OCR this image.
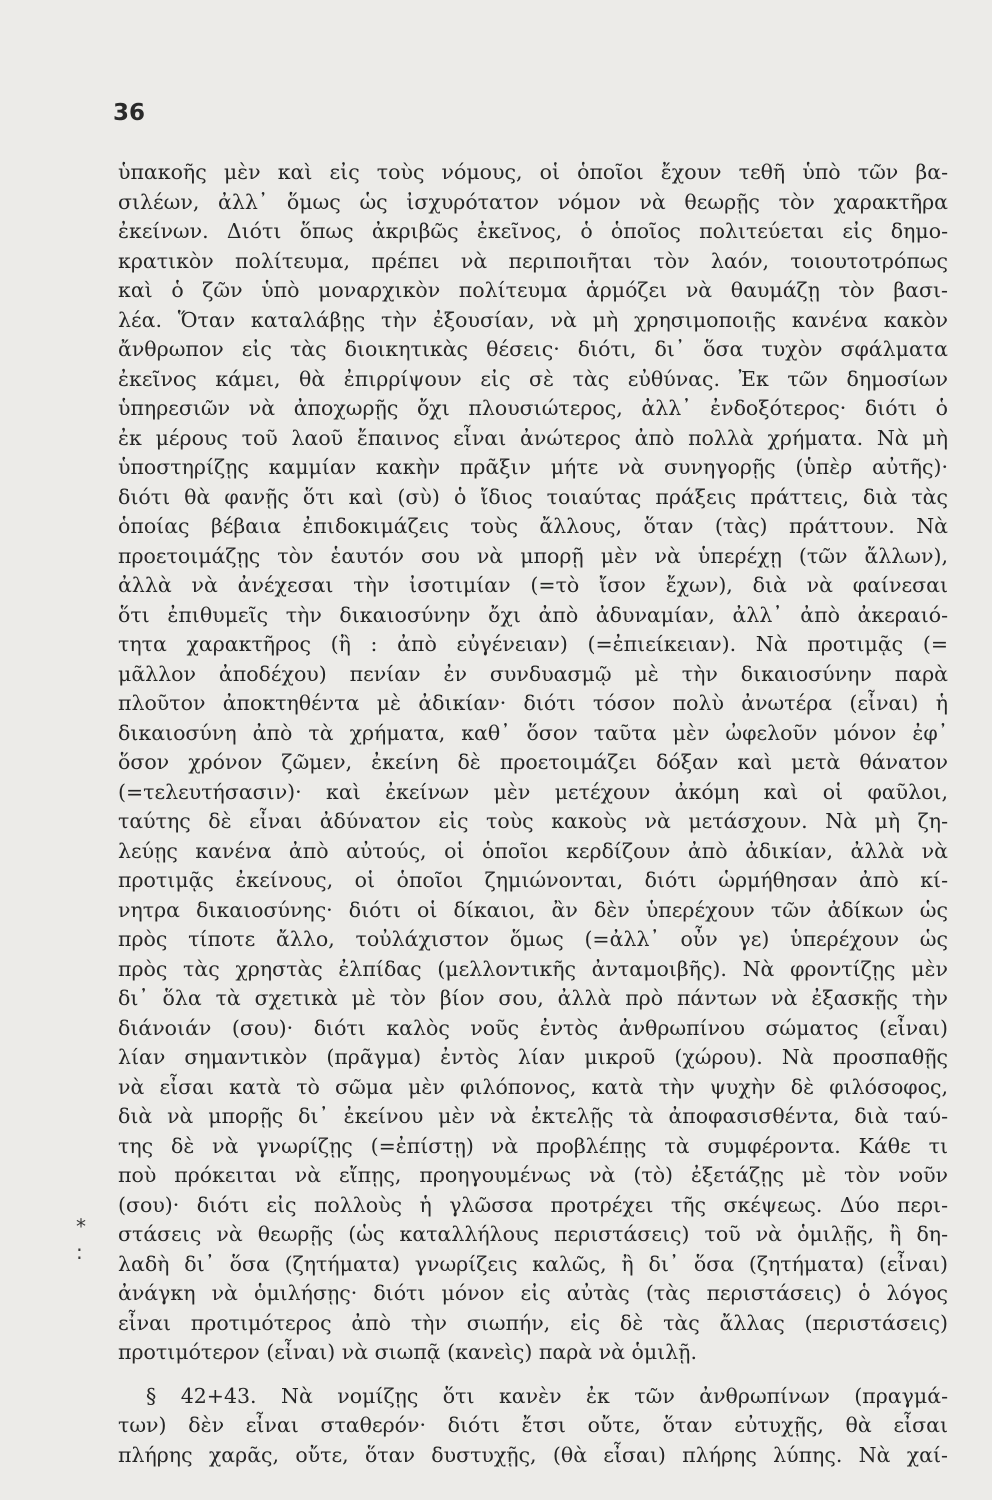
36
⁎
:
ὑπακοῆς μὲν καὶ εἰς τοὺς νόμους, οἱ ὁποῖοι ἔχουν τεθῆ ὑπὸ τῶν βα-
σιλέων, ἀλλ᾽ ὅμως ὡς ἰσχυρότατον νόμον νὰ θεωρῇς τὸν χαρακτῆρα
ἐκείνων. Διότι ὅπως ἀκριβῶς ἐκεῖνος, ὁ ὁποῖος πολιτεύεται εἰς δημο-
κρατικὸν πολίτευμα, πρέπει νὰ περιποιῆται τὸν λαόν, τοιουτοτρόπως
καὶ ὁ ζῶν ὑπὸ μοναρχικὸν πολίτευμα ἁρμόζει νὰ θαυμάζῃ τὸν βασι-
λέα. Ὅταν καταλάβῃς τὴν ἐξουσίαν, νὰ μὴ χρησιμοποιῇς κανένα κακὸν
ἄνθρωπον εἰς τὰς διοικητικὰς θέσεις· διότι, δι᾽ ὅσα τυχὸν σφάλματα
ἐκεῖνος κάμει, θὰ ἐπιρρίψουν εἰς σὲ τὰς εὐθύνας. Ἐκ τῶν δημοσίων
ὑπηρεσιῶν νὰ ἀποχωρῇς ὄχι πλουσιώτερος, ἀλλ᾽ ἐνδοξότερος· διότι ὁ
ἐκ μέρους τοῦ λαοῦ ἔπαινος εἶναι ἀνώτερος ἀπὸ πολλὰ χρήματα. Νὰ μὴ
ὑποστηρίζῃς καμμίαν κακὴν πρᾶξιν μήτε νὰ συνηγορῇς (ὑπὲρ αὐτῆς)·
διότι θὰ φανῇς ὅτι καὶ (σὺ) ὁ ἴδιος τοιαύτας πράξεις πράττεις, διὰ τὰς
ὁποίας βέβαια ἐπιδοκιμάζεις τοὺς ἄλλους, ὅταν (τὰς) πράττουν. Νὰ
προετοιμάζῃς τὸν ἑαυτόν σου νὰ μπορῇ μὲν νὰ ὑπερέχῃ (τῶν ἄλλων),
ἀλλὰ νὰ ἀνέχεσαι τὴν ἰσοτιμίαν (=τὸ ἴσον ἔχων), διὰ νὰ φαίνεσαι
ὅτι ἐπιθυμεῖς τὴν δικαιοσύνην ὄχι ἀπὸ ἀδυναμίαν, ἀλλ᾽ ἀπὸ ἀκεραιό-
τητα χαρακτῆρος (ἢ : ἀπὸ εὐγένειαν) (=ἐπιείκειαν). Νὰ προτιμᾷς (=
μᾶλλον ἀποδέχου) πενίαν ἐν συνδυασμῷ μὲ τὴν δικαιοσύνην παρὰ
πλοῦτον ἀποκτηθέντα μὲ ἀδικίαν· διότι τόσον πολὺ ἀνωτέρα (εἶναι) ἡ
δικαιοσύνη ἀπὸ τὰ χρήματα, καθ᾽ ὅσον ταῦτα μὲν ὠφελοῦν μόνον ἐφ᾽
ὅσον χρόνον ζῶμεν, ἐκείνη δὲ προετοιμάζει δόξαν καὶ μετὰ θάνατον
(=τελευτήσασιν)· καὶ ἐκείνων μὲν μετέχουν ἀκόμη καὶ οἱ φαῦλοι,
ταύτης δὲ εἶναι ἀδύνατον εἰς τοὺς κακοὺς νὰ μετάσχουν. Νὰ μὴ ζη-
λεύῃς κανένα ἀπὸ αὐτούς, οἱ ὁποῖοι κερδίζουν ἀπὸ ἀδικίαν, ἀλλὰ νὰ
προτιμᾷς ἐκείνους, οἱ ὁποῖοι ζημιώνονται, διότι ὡρμήθησαν ἀπὸ κί-
νητρα δικαιοσύνης· διότι οἱ δίκαιοι, ἂν δὲν ὑπερέχουν τῶν ἀδίκων ὡς
πρὸς τίποτε ἄλλο, τοὐλάχιστον ὅμως (=ἀλλ᾽ οὖν γε) ὑπερέχουν ὡς
πρὸς τὰς χρηστὰς ἐλπίδας (μελλοντικῆς ἀνταμοιβῆς). Νὰ φροντίζῃς μὲν
δι᾽ ὅλα τὰ σχετικὰ μὲ τὸν βίον σου, ἀλλὰ πρὸ πάντων νὰ ἐξασκῇς τὴν
διάνοιάν (σου)· διότι καλὸς νοῦς ἐντὸς ἀνθρωπίνου σώματος (εἶναι)
λίαν σημαντικὸν (πρᾶγμα) ἐντὸς λίαν μικροῦ (χώρου). Νὰ προσπαθῇς
νὰ εἶσαι κατὰ τὸ σῶμα μὲν φιλόπονος, κατὰ τὴν ψυχὴν δὲ φιλόσοφος,
διὰ νὰ μπορῇς δι᾽ ἐκείνου μὲν νὰ ἐκτελῇς τὰ ἀποφασισθέντα, διὰ ταύ-
της δὲ νὰ γνωρίζῃς (=ἐπίστῃ) νὰ προβλέπῃς τὰ συμφέροντα. Κάθε τι
ποὺ πρόκειται νὰ εἴπῃς, προηγουμένως νὰ (τὸ) ἐξετάζῃς μὲ τὸν νοῦν
(σου)· διότι εἰς πολλοὺς ἡ γλῶσσα προτρέχει τῆς σκέψεως. Δύο περι-
στάσεις νὰ θεωρῇς (ὡς καταλλήλους περιστάσεις) τοῦ νὰ ὁμιλῇς, ἢ δη-
λαδὴ δι᾽ ὅσα (ζητήματα) γνωρίζεις καλῶς, ἢ δι᾽ ὅσα (ζητήματα) (εἶναι)
ἀνάγκη νὰ ὁμιλήσῃς· διότι μόνον εἰς αὐτὰς (τὰς περιστάσεις) ὁ λόγος
εἶναι προτιμότερος ἀπὸ τὴν σιωπήν, εἰς δὲ τὰς ἄλλας (περιστάσεις)
προτιμότερον (εἶναι) νὰ σιωπᾷ (κανεὶς) παρὰ νὰ ὁμιλῇ.
§ 42+43. Νὰ νομίζῃς ὅτι κανὲν ἐκ τῶν ἀνθρωπίνων (πραγμά-
των) δὲν εἶναι σταθερόν· διότι ἔτσι οὔτε, ὅταν εὐτυχῇς, θὰ εἶσαι
πλήρης χαρᾶς, οὔτε, ὅταν δυστυχῇς, (θὰ εἶσαι) πλήρης λύπης. Νὰ χαί-
